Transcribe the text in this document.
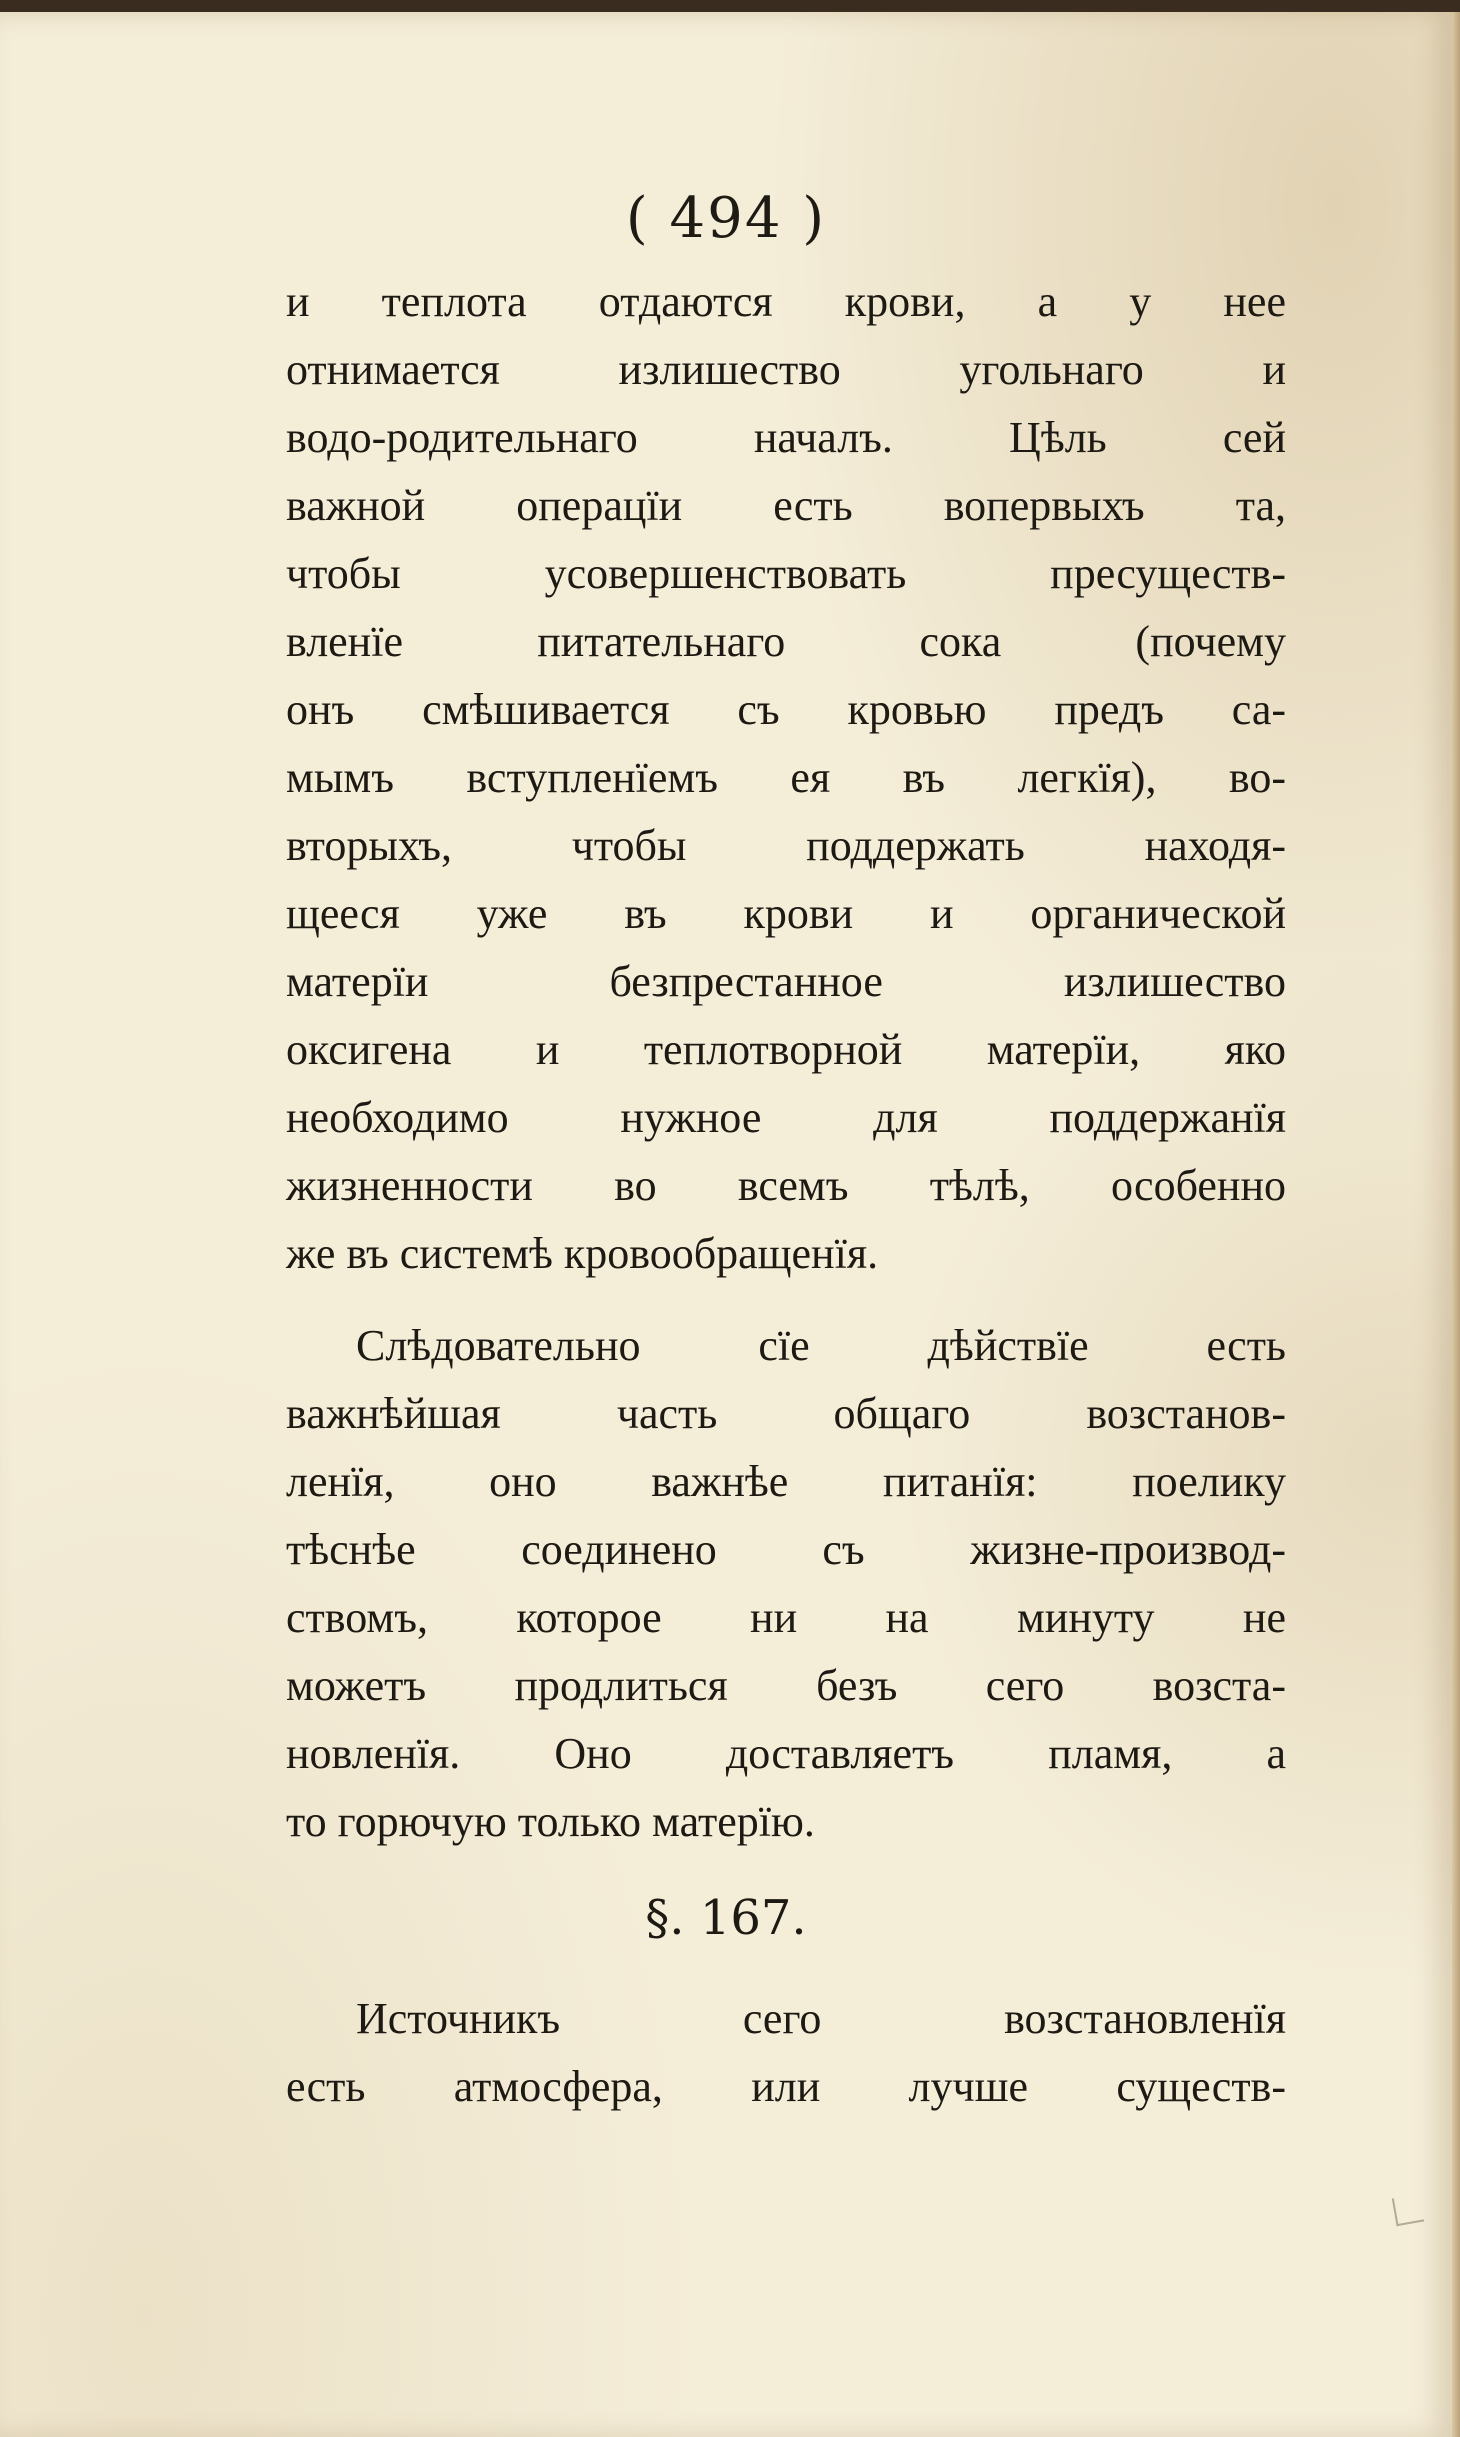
( 494 )
и теплота отдаются крови, а у нее
отнимается излишество угольнаго и
водо-родительнаго началъ. Цѣль сей
важной операцїи есть вопервыхъ та,
чтобы усовершенствовать пресуществ-
вленїе питательнаго сока (почему
онъ смѣшивается съ кровью предъ са-
мымъ вступленїемъ ея въ легкїя), во-
вторыхъ, чтобы поддержать находя-
щееся уже въ крови и органической
матерїи безпрестанное излишество
оксигена и теплотворной матерїи, яко
необходимо нужное для поддержанїя
жизненности во всемъ тѣлѣ, особенно
же въ системѣ кровообращенїя.
Слѣдовательно сїе дѣйствїе есть
важнѣйшая часть общаго возстанов-
ленїя, оно важнѣе питанїя: поелику
тѣснѣе соединено съ жизне-производ-
ствомъ, которое ни на минуту не
можетъ продлиться безъ сего возста-
новленїя. Оно доставляетъ пламя, а
то горючую только матерїю.
§. 167.
Источникъ сего возстановленїя
есть атмосфера, или лучше существ-
